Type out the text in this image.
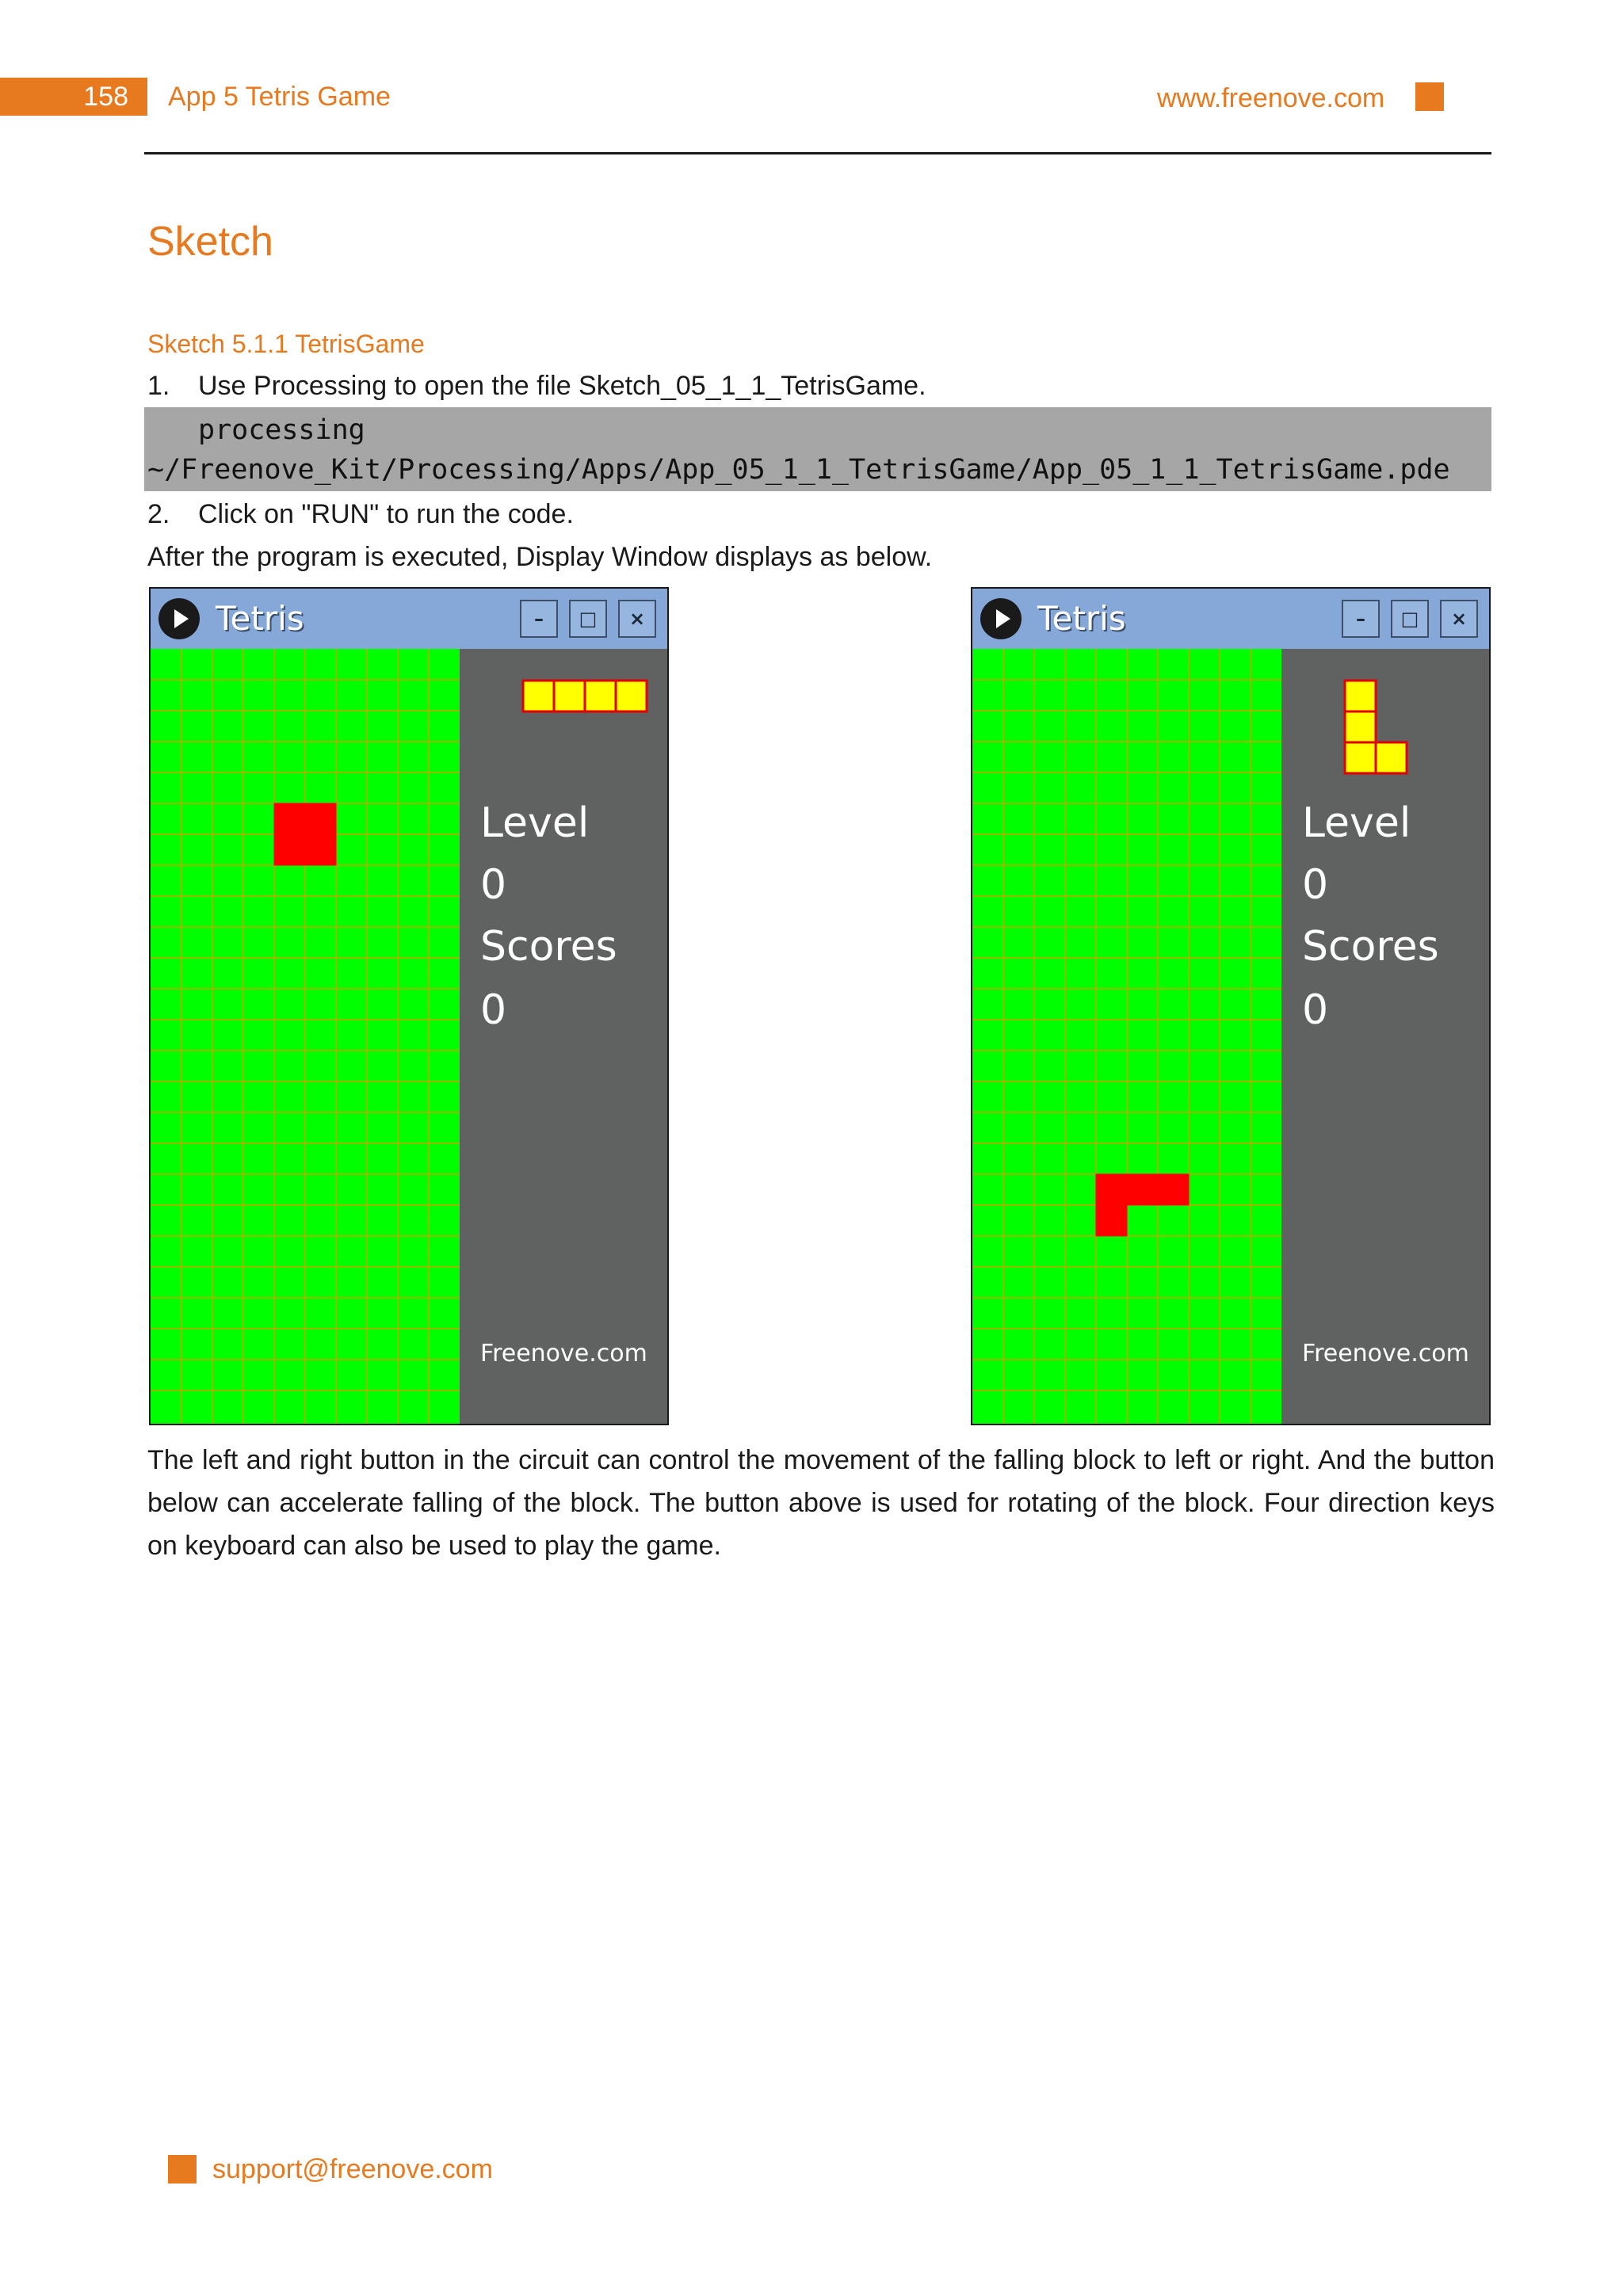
158	App 5 Tetris Game	www.freenove.com
Sketch
Sketch 5.1.1 TetrisGame
1. Use Processing to open the file Sketch_05_1_1_TetrisGame.
processing
~/Freenove_Kit/Processing/Apps/App_05_1_1_TetrisGame/App_05_1_1_TetrisGame.pde
2. Click on "RUN" to run the code.
After the program is executed, Display Window displays as below.
Tetris	–	□	×
Level
0
Scores
0
Freenove.com
Tetris	–	□	×
Level
0
Scores
0
Freenove.com
The left and right button in the circuit can control the movement of the falling block to left or right. And the button below can accelerate falling of the block. The button above is used for rotating of the block. Four direction keys on keyboard can also be used to play the game.
support@freenove.com
